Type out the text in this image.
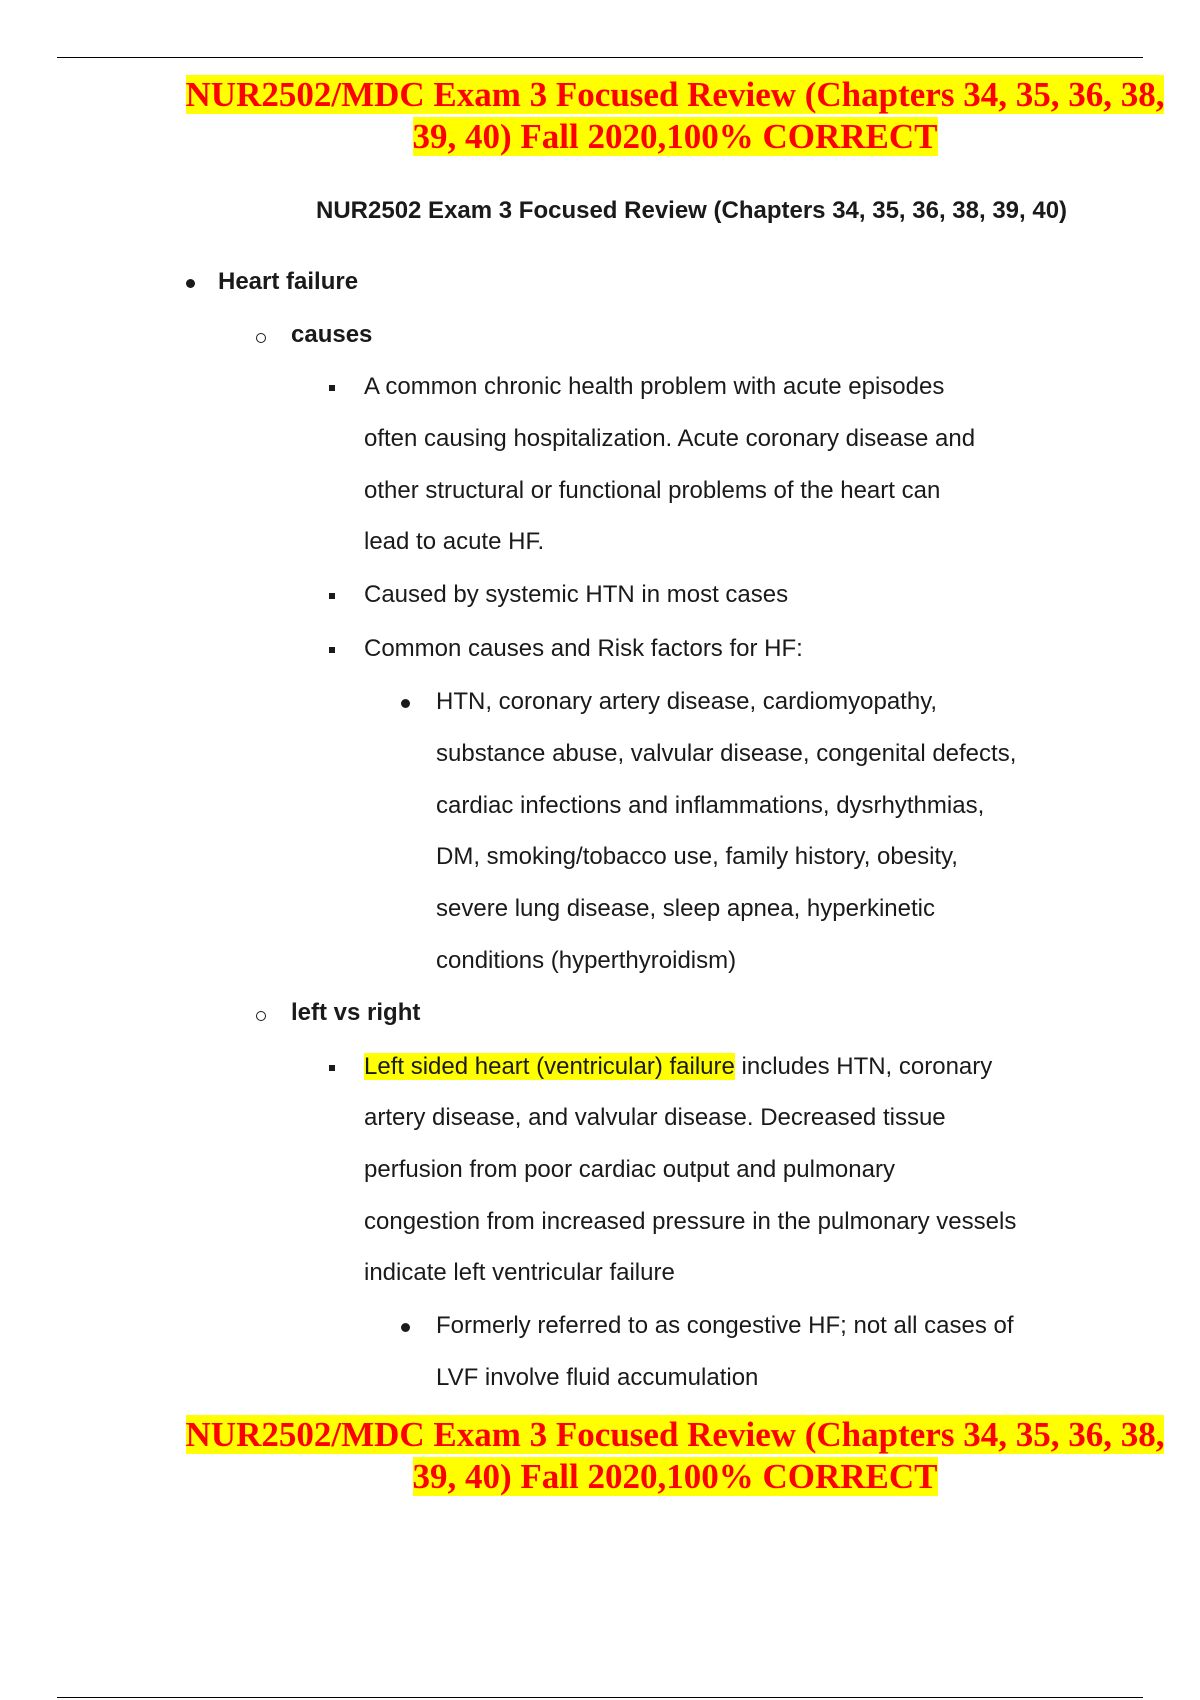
NUR2502/MDC Exam 3 Focused Review (Chapters 34, 35, 36, 38,
39, 40) Fall 2020,100% CORRECT
NUR2502 Exam 3 Focused Review (Chapters 34, 35, 36, 38, 39, 40)
Heart failure
causes
A common chronic health problem with acute episodes
often causing hospitalization. Acute coronary disease and
other structural or functional problems of the heart can
lead to acute HF.
Caused by systemic HTN in most cases
Common causes and Risk factors for HF:
HTN, coronary artery disease, cardiomyopathy,
substance abuse, valvular disease, congenital defects,
cardiac infections and inflammations, dysrhythmias,
DM, smoking/tobacco use, family history, obesity,
severe lung disease, sleep apnea, hyperkinetic
conditions (hyperthyroidism)
left vs right
Left sided heart (ventricular) failure includes HTN, coronary
artery disease, and valvular disease. Decreased tissue
perfusion from poor cardiac output and pulmonary
congestion from increased pressure in the pulmonary vessels
indicate left ventricular failure
Formerly referred to as congestive HF; not all cases of
LVF involve fluid accumulation
NUR2502/MDC Exam 3 Focused Review (Chapters 34, 35, 36, 38,
39, 40) Fall 2020,100% CORRECT
